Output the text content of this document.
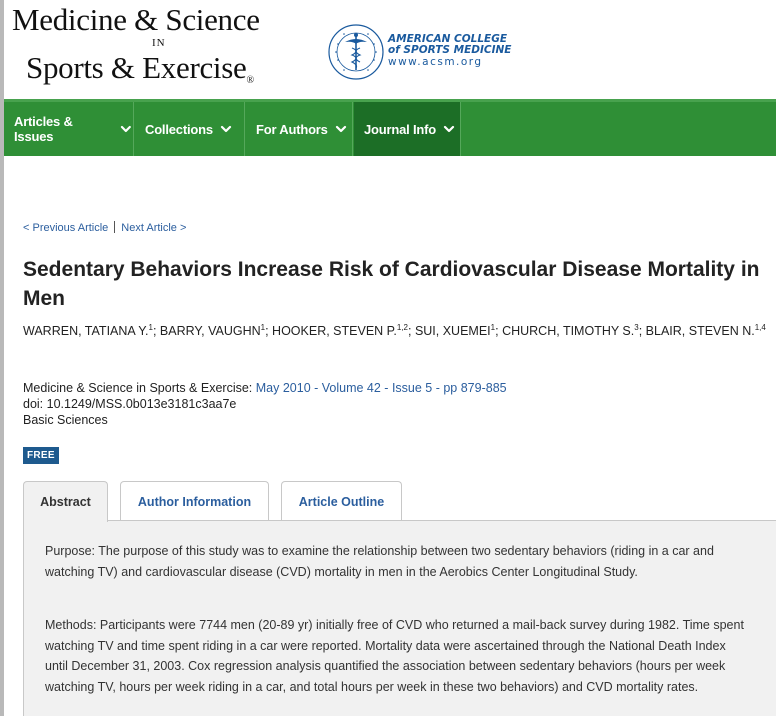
Medicine & Science
IN
Sports & Exercise®
AMERICAN COLLEGE
of SPORTS MEDICINE
www.acsm.org
Articles & Issues	Collections	For Authors	Journal Info
< Previous Article Next Article >
Sedentary Behaviors Increase Risk of Cardiovascular Disease Mortality in Men
WARREN, TATIANA Y.$^1$; BARRY, VAUGHN$^1$; HOOKER, STEVEN P.$^{1,2}$; SUI, XUEMEI$^1$; CHURCH, TIMOTHY S.$^3$; BLAIR, STEVEN N.$^{1,4}$
Medicine & Science in Sports & Exercise: May 2010 - Volume 42 - Issue 5 - pp 879-885
doi: 10.1249/MSS.0b013e3181c3aa7e
Basic Sciences
FREE
Abstract	Author Information	Article Outline

Purpose: The purpose of this study was to examine the relationship between two sedentary behaviors (riding in a car and watching TV) and cardiovascular disease (CVD) mortality in men in the Aerobics Center Longitudinal Study.

Methods: Participants were 7744 men (20-89 yr) initially free of CVD who returned a mail-back survey during 1982. Time spent watching TV and time spent riding in a car were reported. Mortality data were ascertained through the National Death Index until December 31, 2003. Cox regression analysis quantified the association between sedentary behaviors (hours per week watching TV, hours per week riding in a car, and total hours per week in these two behaviors) and CVD mortality rates.
